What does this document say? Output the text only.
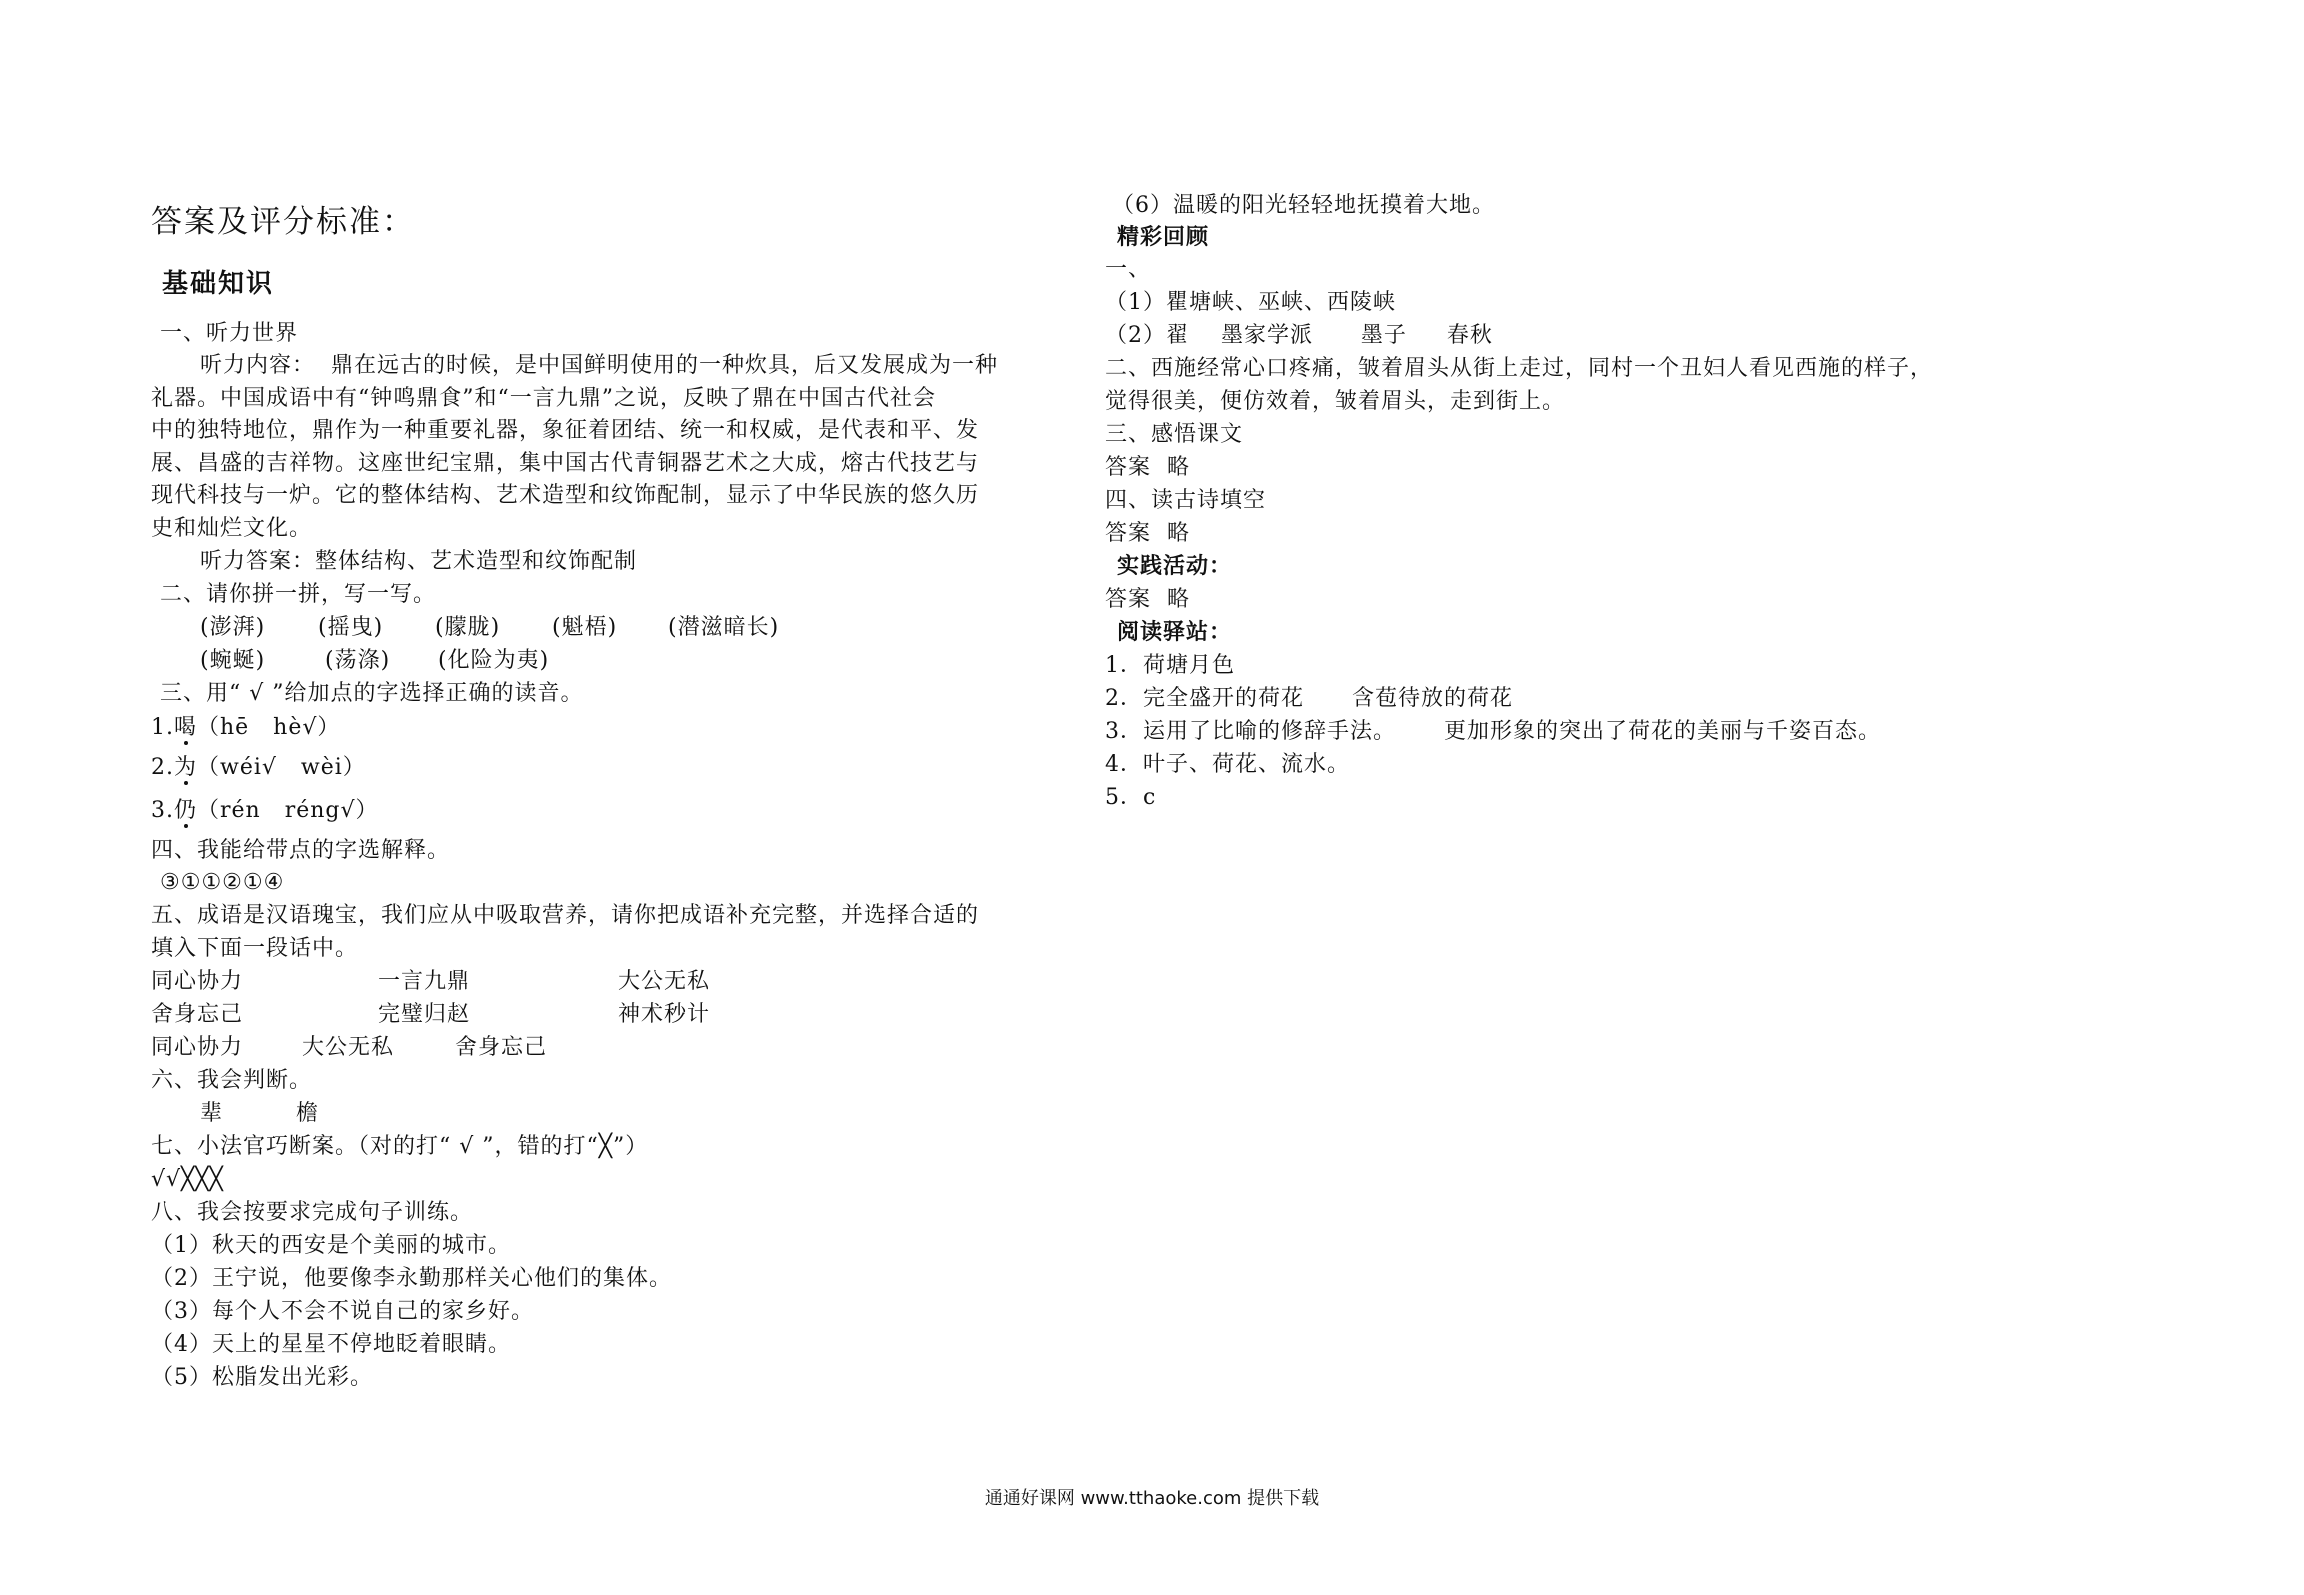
答案及评分标准：
基础知识
一、听力世界
听力内容：  鼎在远古的时候，是中国鲜明使用的一种炊具，后又发展成为一种
礼器。中国成语中有“钟鸣鼎食”和“一言九鼎”之说，反映了鼎在中国古代社会
中的独特地位，鼎作为一种重要礼器，象征着团结、统一和权威，是代表和平、发
展、昌盛的吉祥物。这座世纪宝鼎，集中国古代青铜器艺术之大成，熔古代技艺与
现代科技与一炉。它的整体结构、艺术造型和纹饰配制，显示了中华民族的悠久历
史和灿烂文化。
听力答案：整体结构、艺术造型和纹饰配制
二、请你拼一拼，写一写。
(澎湃) (摇曳) (朦胧) (魁梧) (潜滋暗长)
(蜿蜒)	(荡涤) (化险为夷)
三、用“ √ ”给加点的字选择正确的读音。
1.喝（hē   hè√）
2.为（wéi√   wèi）
3.仍（rén   réng√）
四、我能给带点的字选解释。
③①①②①④
五、成语是汉语瑰宝，我们应从中吸取营养，请你把成语补充完整，并选择合适的
填入下面一段话中。
同心协力	一言九鼎	大公无私
舍身忘己	完璧归赵	神术秒计
同心协力	大公无私	舍身忘己
六、我会判断。
辈	檐
七、小法官巧断案。（对的打“ √ ”，错的打“╳”）
√√╳╳╳
八、我会按要求完成句子训练。
（1）秋天的西安是个美丽的城市。
（2）王宁说，他要像李永勤那样关心他们的集体。
（3）每个人不会不说自己的家乡好。
（4）天上的星星不停地眨着眼睛。
（5）松脂发出光彩。
（6）温暖的阳光轻轻地抚摸着大地。
精彩回顾
一、
（1）瞿塘峡、巫峡、西陵峡
（2）翟    墨家学派      墨子     春秋
二、西施经常心口疼痛，皱着眉头从街上走过，同村一个丑妇人看见西施的样子，
觉得很美，便仿效着，皱着眉头，走到街上。
三、感悟课文
答案  略
四、读古诗填空
答案  略
实践活动：
答案  略
阅读驿站：
1．荷塘月色
2．完全盛开的荷花      含苞待放的荷花
3．运用了比喻的修辞手法。      更加形象的突出了荷花的美丽与千姿百态。
4．叶子、荷花、流水。
5．c
通通好课网 www.tthaoke.com 提供下载
